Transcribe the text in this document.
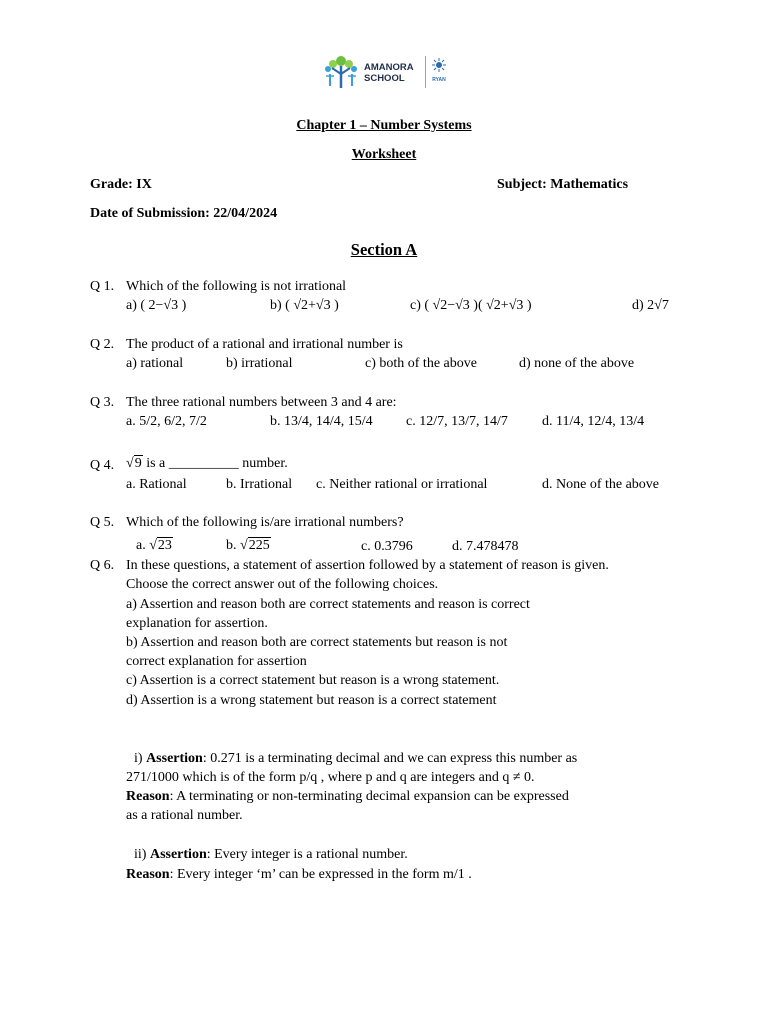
AMANORA
SCHOOL	RYAN
Chapter 1 – Number Systems
Worksheet
Grade: IX	Subject: Mathematics
Date of Submission: 22/04/2024
Section A
Q 1. Which of the following is not irrational
a) ( 2−√3 )	b) ( √2+√3 )	c) ( √2−√3 )( √2+√3 )	d) 2√7
Q 2. The product of a rational and irrational number is
a) rational	b) irrational	c) both of the above	d) none of the above
Q 3. The three rational numbers between 3 and 4 are:
a. 5/2, 6/2, 7/2	b. 13/4, 14/4, 15/4 c. 12/7, 13/7, 14/7 d. 11/4, 12/4, 13/4
Q 4. √9 is a __________ number.
a. Rational	b. Irrational c. Neither rational or irrational	d. None of the above
Q 5. Which of the following is/are irrational numbers?
a. √23	b. √225	c. 0.3796	d. 7.478478
Q 6. In these questions, a statement of assertion followed by a statement of reason is given.
Choose the correct answer out of the following choices.
a) Assertion and reason both are correct statements and reason is correct
explanation for assertion.
b) Assertion and reason both are correct statements but reason is not
correct explanation for assertion
c) Assertion is a correct statement but reason is a wrong statement.
d) Assertion is a wrong statement but reason is a correct statement
i) Assertion: 0.271 is a terminating decimal and we can express this number as
271/1000 which is of the form p/q , where p and q are integers and q ≠ 0.
Reason: A terminating or non-terminating decimal expansion can be expressed
as a rational number.
ii) Assertion: Every integer is a rational number.
Reason: Every integer ‘m’ can be expressed in the form m/1 .
